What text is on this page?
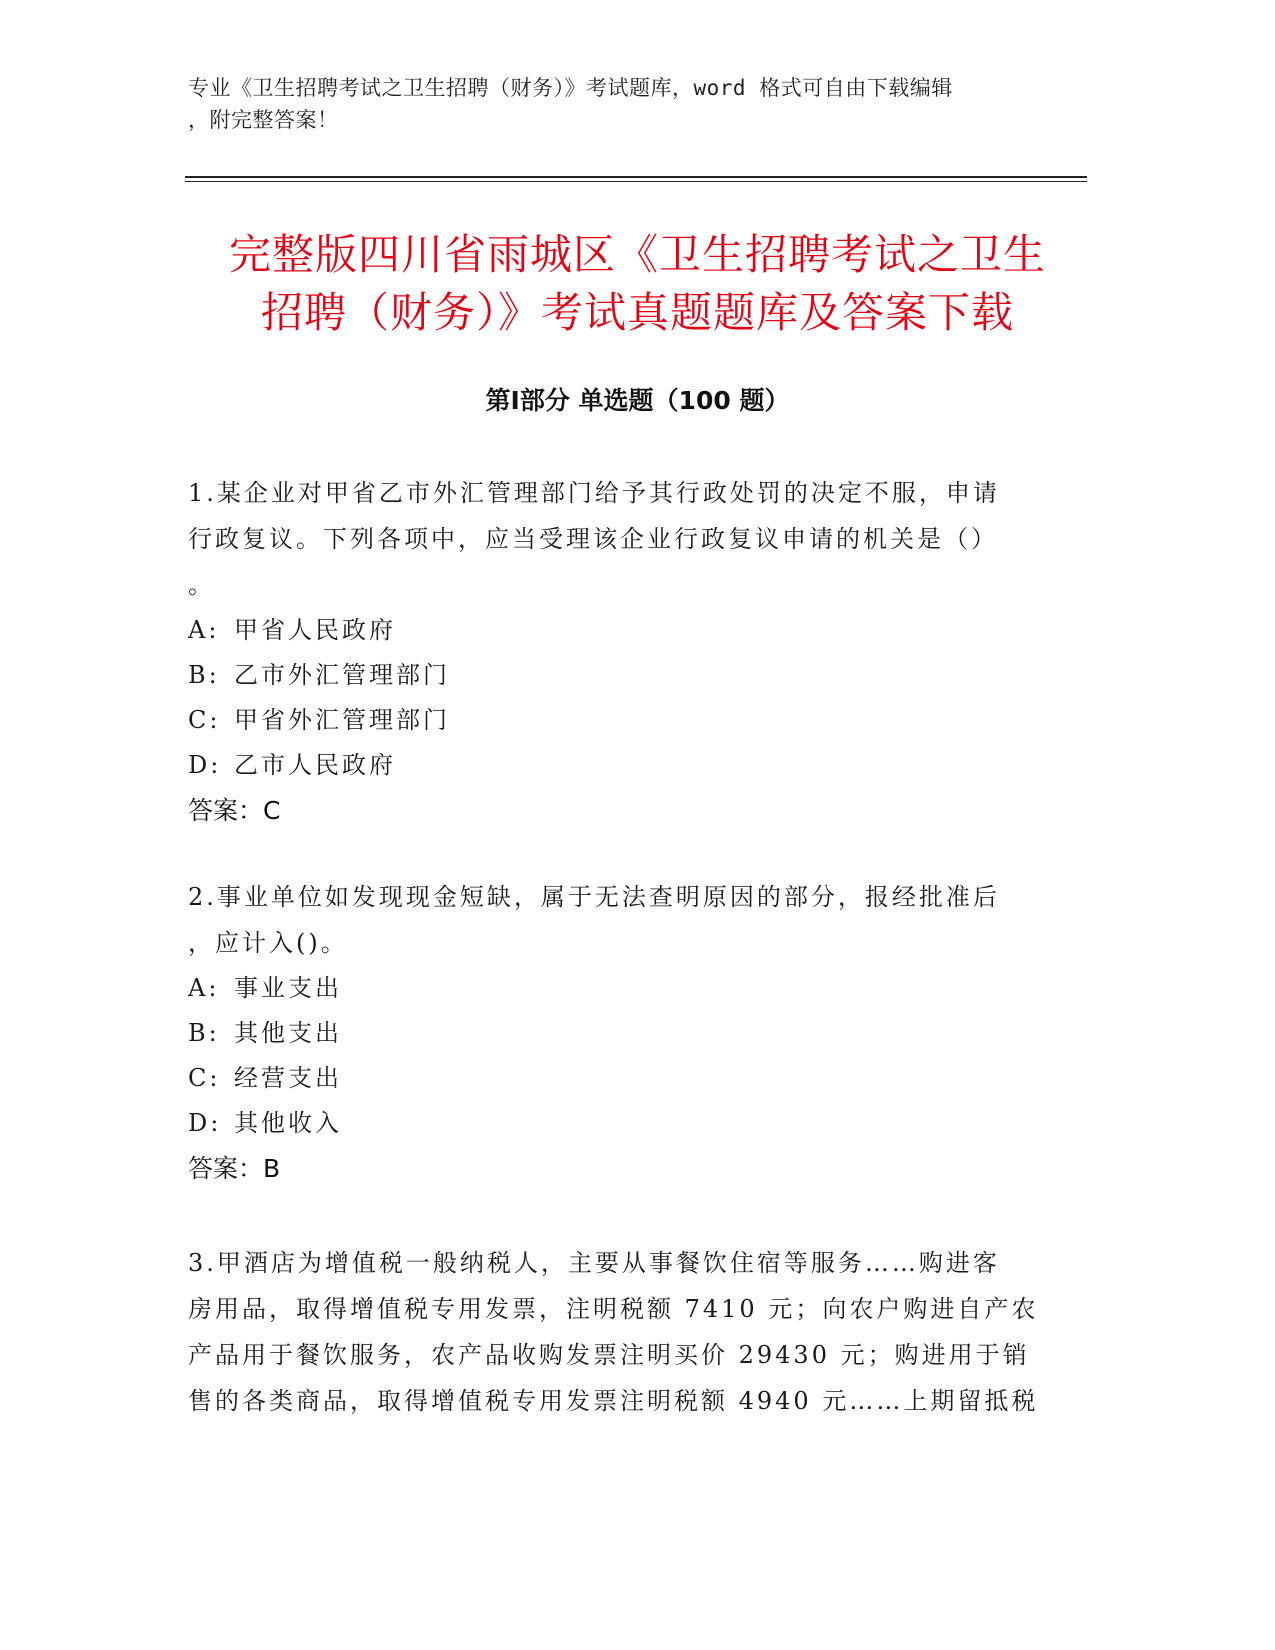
专业《卫生招聘考试之卫生招聘（财务）》考试题库，word 格式可自由下载编辑
，附完整答案！
完整版四川省雨城区《卫生招聘考试之卫生
招聘（财务）》考试真题题库及答案下载
第Ⅰ部分 单选题（100 题）

1.某企业对甲省乙市外汇管理部门给予其行政处罚的决定不服，申请

行政复议。下列各项中，应当受理该企业行政复议申请的机关是（）

。

A: 甲省人民政府

B: 乙市外汇管理部门

C: 甲省外汇管理部门

D: 乙市人民政府

答案：C

2.事业单位如发现现金短缺，属于无法查明原因的部分，报经批准后

，应计入()。

A: 事业支出

B: 其他支出

C: 经营支出

D: 其他收入

答案：B

3.甲酒店为增值税一般纳税人，主要从事餐饮住宿等服务……购进客

房用品，取得增值税专用发票，注明税额 7410 元；向农户购进自产农

产品用于餐饮服务，农产品收购发票注明买价 29430 元；购进用于销

售的各类商品，取得增值税专用发票注明税额 4940 元……上期留抵税
